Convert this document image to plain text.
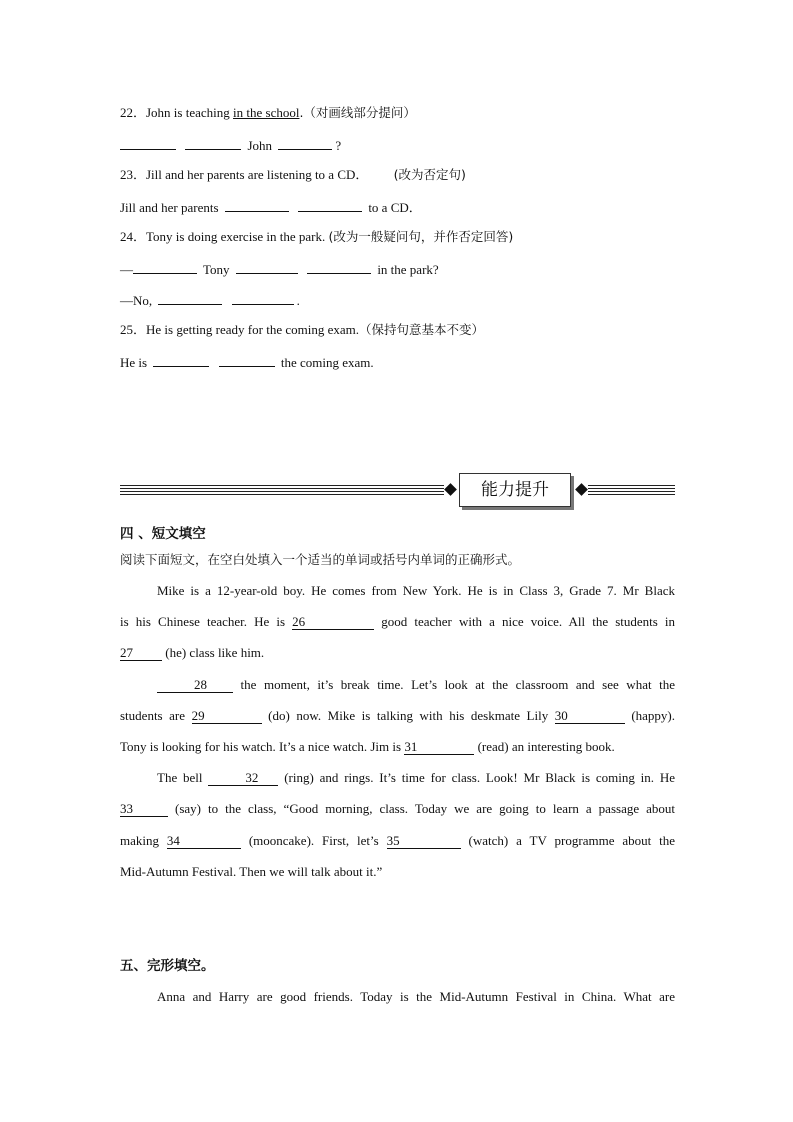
22．John is teaching in the school.（对画线部分提问）
John	?
23．Jill and her parents are listening to a CD． (改为否定句)
Jill and her parents	to a CD．
24．Tony is doing exercise in the park. (改为一般疑问句，并作否定回答)
—	Tony	in the park?
—No,	.
25．He is getting ready for the coming exam.（保持句意基本不变）
He is	the coming exam.
能力提升
四 、短文填空
阅读下面短文，在空白处填入一个适当的单词或括号内单词的正确形式。
Mike is a 12-year-old boy. He comes from New York. He is in Class 3, Grade 7. Mr Black
is his Chinese teacher. He is 26	good teacher with a nice voice. All the students in
27 (he) class like him.
28	the moment, it’s break time. Let’s look at the classroom and see what the
students are 29	(do) now. Mike is talking with his deskmate Lily 30	(happy).
Tony is looking for his watch. It’s a nice watch. Jim is 31	(read) an interesting book.
The bell	32 (ring) and rings. It’s time for class. Look! Mr Black is coming in. He
33	(say) to the class, “Good morning, class. Today we are going to learn a passage about
making 34	(mooncake). First, let’s 35	(watch) a TV programme about the
Mid-Autumn Festival. Then we will talk about it.”
五、完形填空。
Anna and Harry are good friends. Today is the Mid-Autumn Festival in China. What are
